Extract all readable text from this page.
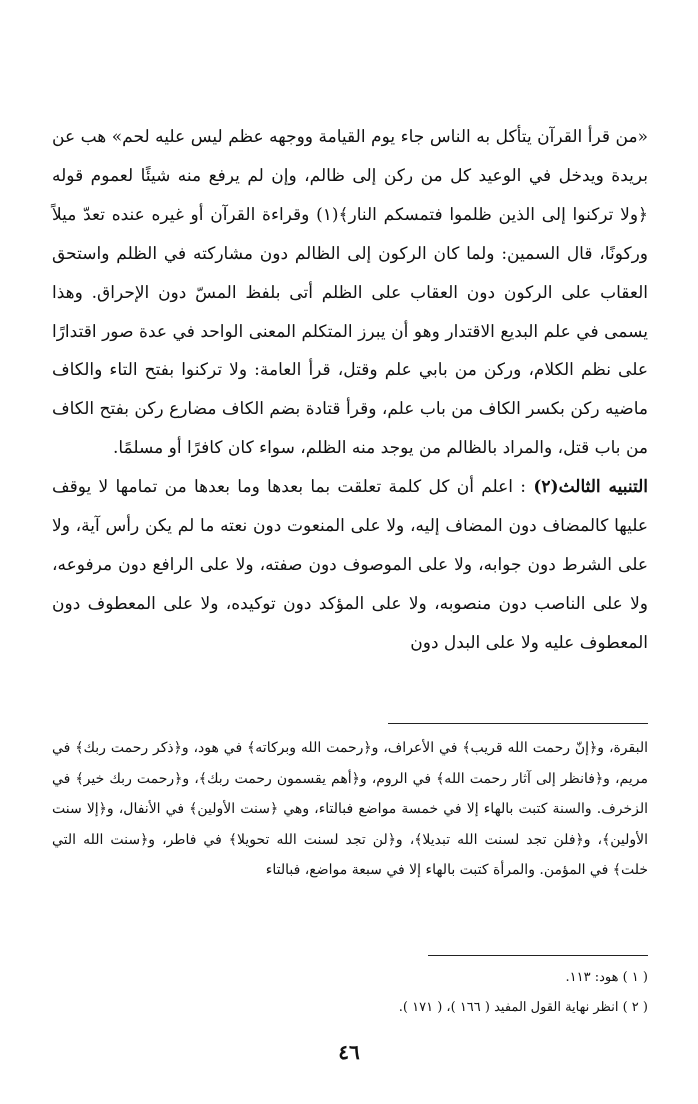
«من قرأ القرآن يتأكل به الناس جاء يوم القيامة ووجهه عظم ليس عليه لحم» هب عن بريدة ويدخل في الوعيد كل من ركن إلى ظالم، وإن لم يرفع منه شيئًا لعموم قوله ﴿ولا تركنوا إلى الذين ظلموا فتمسكم النار﴾(١) وقراءة القرآن أو غيره عنده تعدّ ميلاً وركونًا، قال السمين: ولما كان الركون إلى الظالم دون مشاركته في الظلم واستحق العقاب على الركون دون العقاب على الظلم أتى بلفظ المسّ دون الإحراق. وهذا يسمى في علم البديع الاقتدار وهو أن يبرز المتكلم المعنى الواحد في عدة صور اقتدارًا على نظم الكلام، وركن من بابي علم وقتل، قرأ العامة: ولا تركنوا بفتح التاء والكاف ماضيه ركن بكسر الكاف من باب علم، وقرأ قتادة بضم الكاف مضارع ركن بفتح الكاف من باب قتل، والمراد بالظالم من يوجد منه الظلم، سواء كان كافرًا أو مسلمًا.

التنبيه الثالث(٢) : اعلم أن كل كلمة تعلقت بما بعدها وما بعدها من تمامها لا يوقف عليها كالمضاف دون المضاف إليه، ولا على المنعوت دون نعته ما لم يكن رأس آية، ولا على الشرط دون جوابه، ولا على الموصوف دون صفته، ولا على الرافع دون مرفوعه، ولا على الناصب دون منصوبه، ولا على المؤكد دون توكيده، ولا على المعطوف دون المعطوف عليه ولا على البدل دون

البقرة، و﴿إنّ رحمت الله قريب﴾ في الأعراف، و﴿رحمت الله وبركاته﴾ في هود، و﴿ذكر رحمت ربك﴾ في مريم، و﴿فانظر إلى آثار رحمت الله﴾ في الروم، و﴿أهم يقسمون رحمت ربك﴾، و﴿رحمت ربك خير﴾ في الزخرف. والسنة كتبت بالهاء إلا في خمسة مواضع فبالتاء، وهي ﴿سنت الأولين﴾ في الأنفال، و﴿إلا سنت الأولين﴾، و﴿فلن تجد لسنت الله تبديلا﴾، و﴿لن تجد لسنت الله تحويلا﴾ في فاطر، و﴿سنت الله التي خلت﴾ في المؤمن. والمرأة كتبت بالهاء إلا في سبعة مواضع، فبالتاء

( ١ ) هود: ١١٣.

( ٢ ) انظر نهاية القول المفيد ( ١٦٦ )، ( ١٧١ ).

٤٦
